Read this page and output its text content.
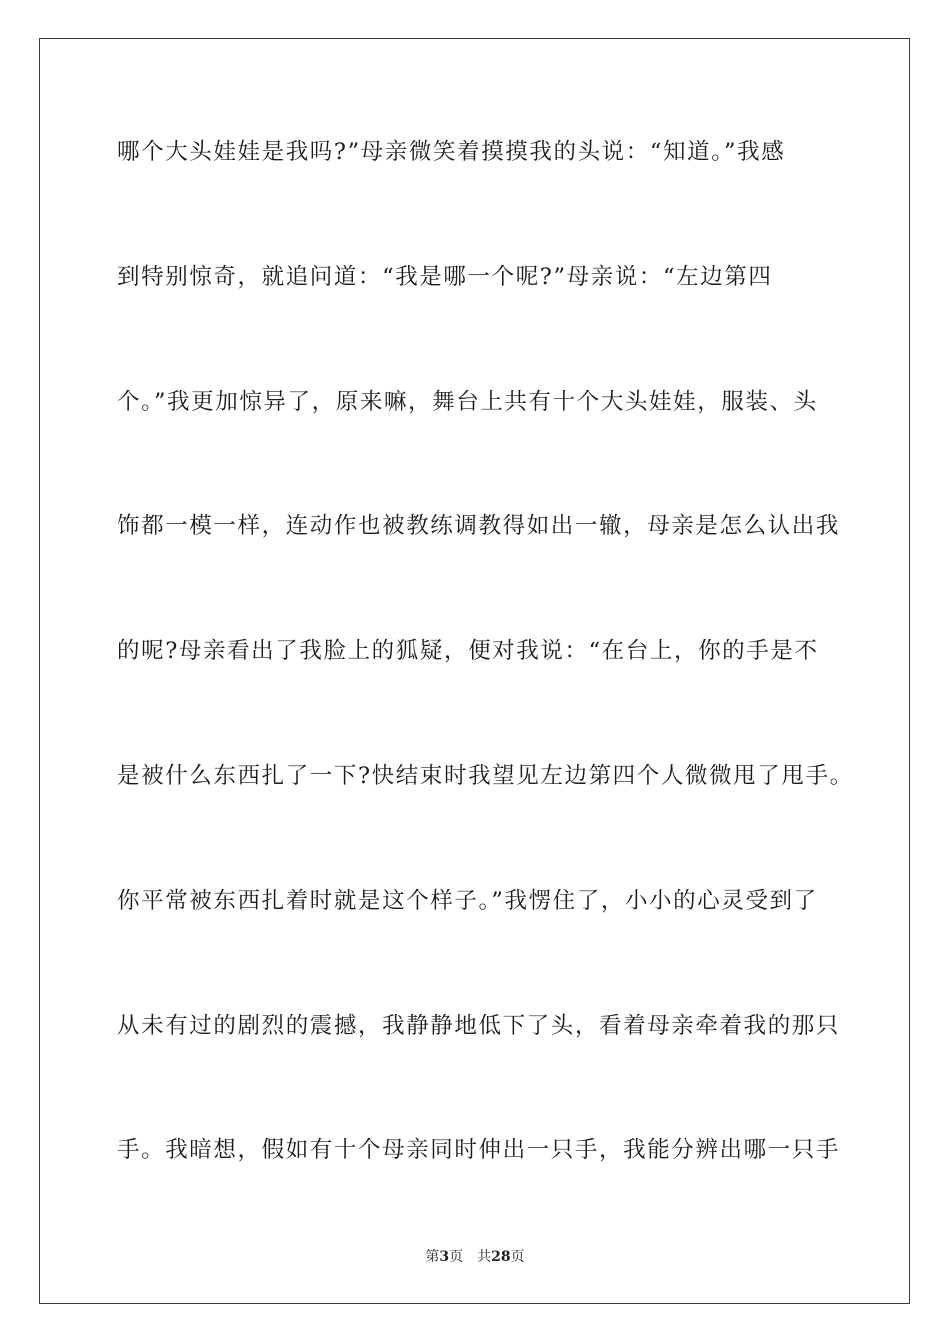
哪个大头娃娃是我吗?”母亲微笑着摸摸我的头说：“知道。”我感
到特别惊奇，就追问道：“我是哪一个呢?”母亲说：“左边第四
个。”我更加惊异了，原来嘛，舞台上共有十个大头娃娃，服装、头
饰都一模一样，连动作也被教练调教得如出一辙，母亲是怎么认出我
的呢?母亲看出了我脸上的狐疑，便对我说：“在台上，你的手是不
是被什么东西扎了一下?快结束时我望见左边第四个人微微甩了甩手。
你平常被东西扎着时就是这个样子。”我愣住了，小小的心灵受到了
从未有过的剧烈的震撼，我静静地低下了头，看着母亲牵着我的那只
手。我暗想，假如有十个母亲同时伸出一只手，我能分辨出哪一只手
第3页 共28页
